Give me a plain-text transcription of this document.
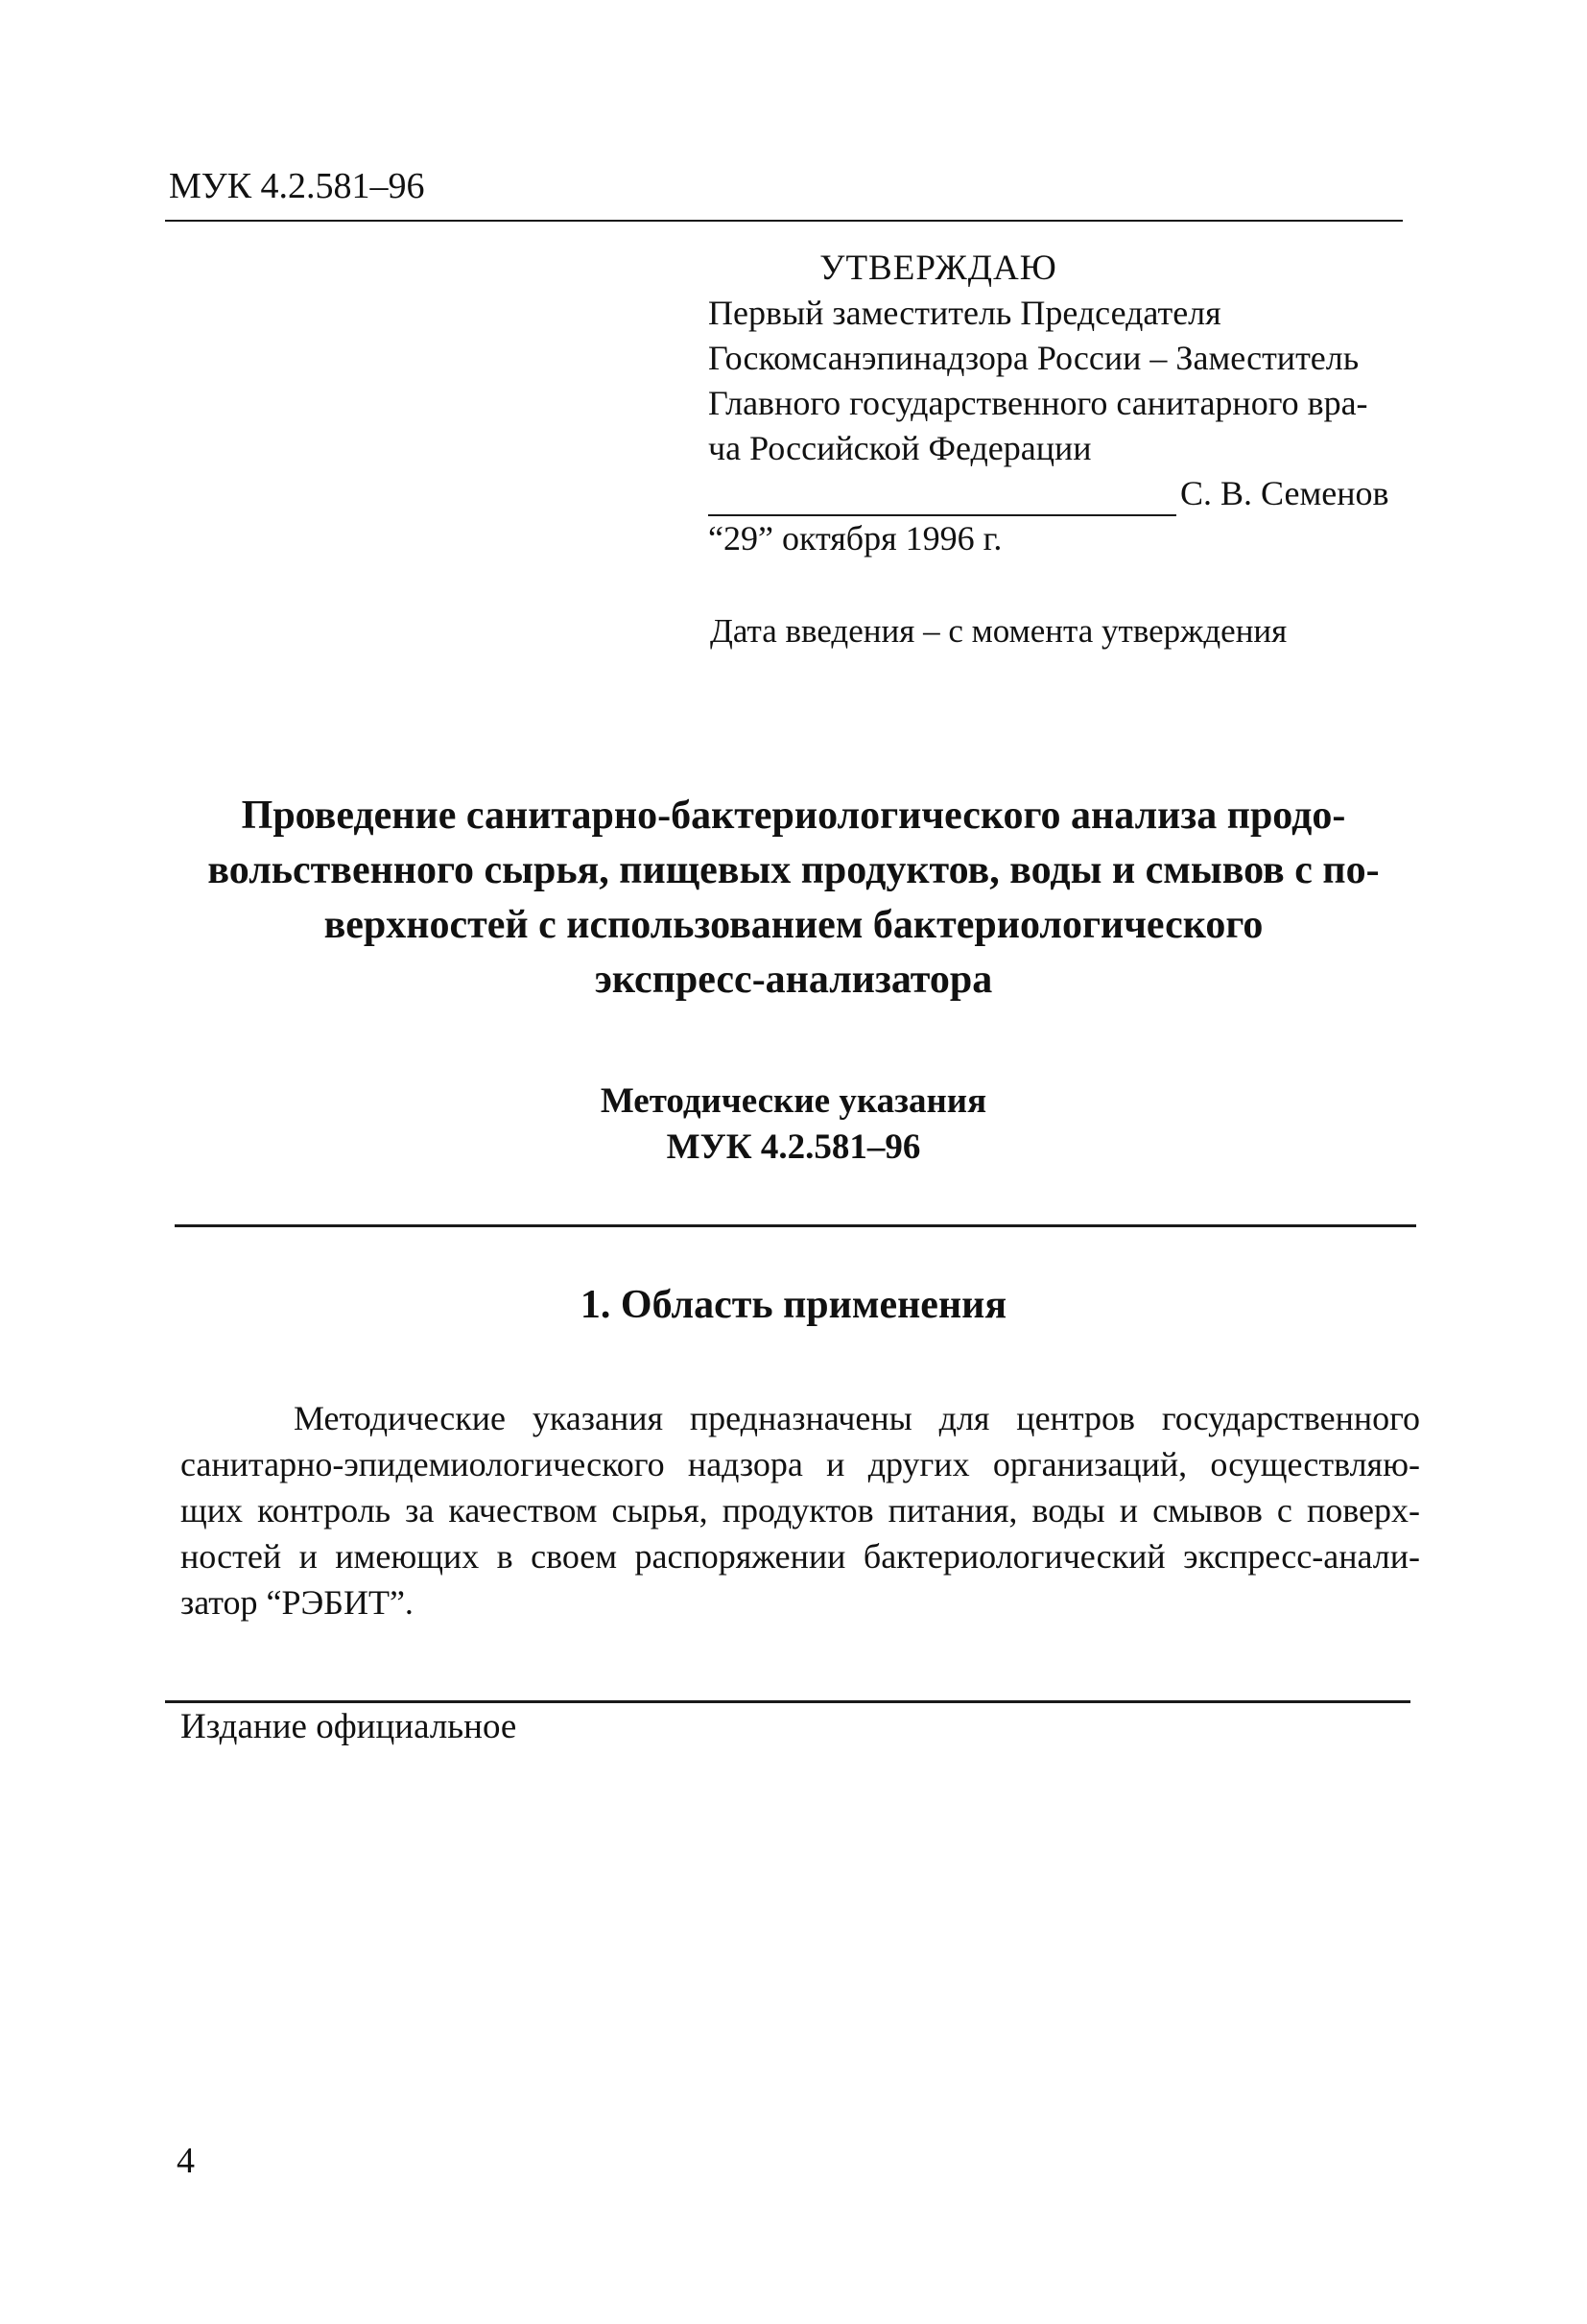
МУК 4.2.581–96
УТВЕРЖДАЮ
Первый заместитель Председателя
Госкомсанэпинадзора России – Заместитель
Главного государственного санитарного вра-
ча Российской Федерации
С. В. Семенов
“29” октября 1996 г.
Дата введения – с момента утверждения
Проведение санитарно-бактериологического анализа продо-
вольственного сырья, пищевых продуктов, воды и смывов с по-
верхностей с использованием бактериологического
экспресс-анализатора
Методические указания
МУК 4.2.581–96
1. Область применения
Методические указания предназначены для центров государственного
санитарно-эпидемиологического надзора и других организаций, осуществляю-
щих контроль за качеством сырья, продуктов питания, воды и смывов с поверх-
ностей и имеющих в своем распоряжении бактериологический экспресс-анали-
затор “РЭБИТ”.
Издание официальное
4
